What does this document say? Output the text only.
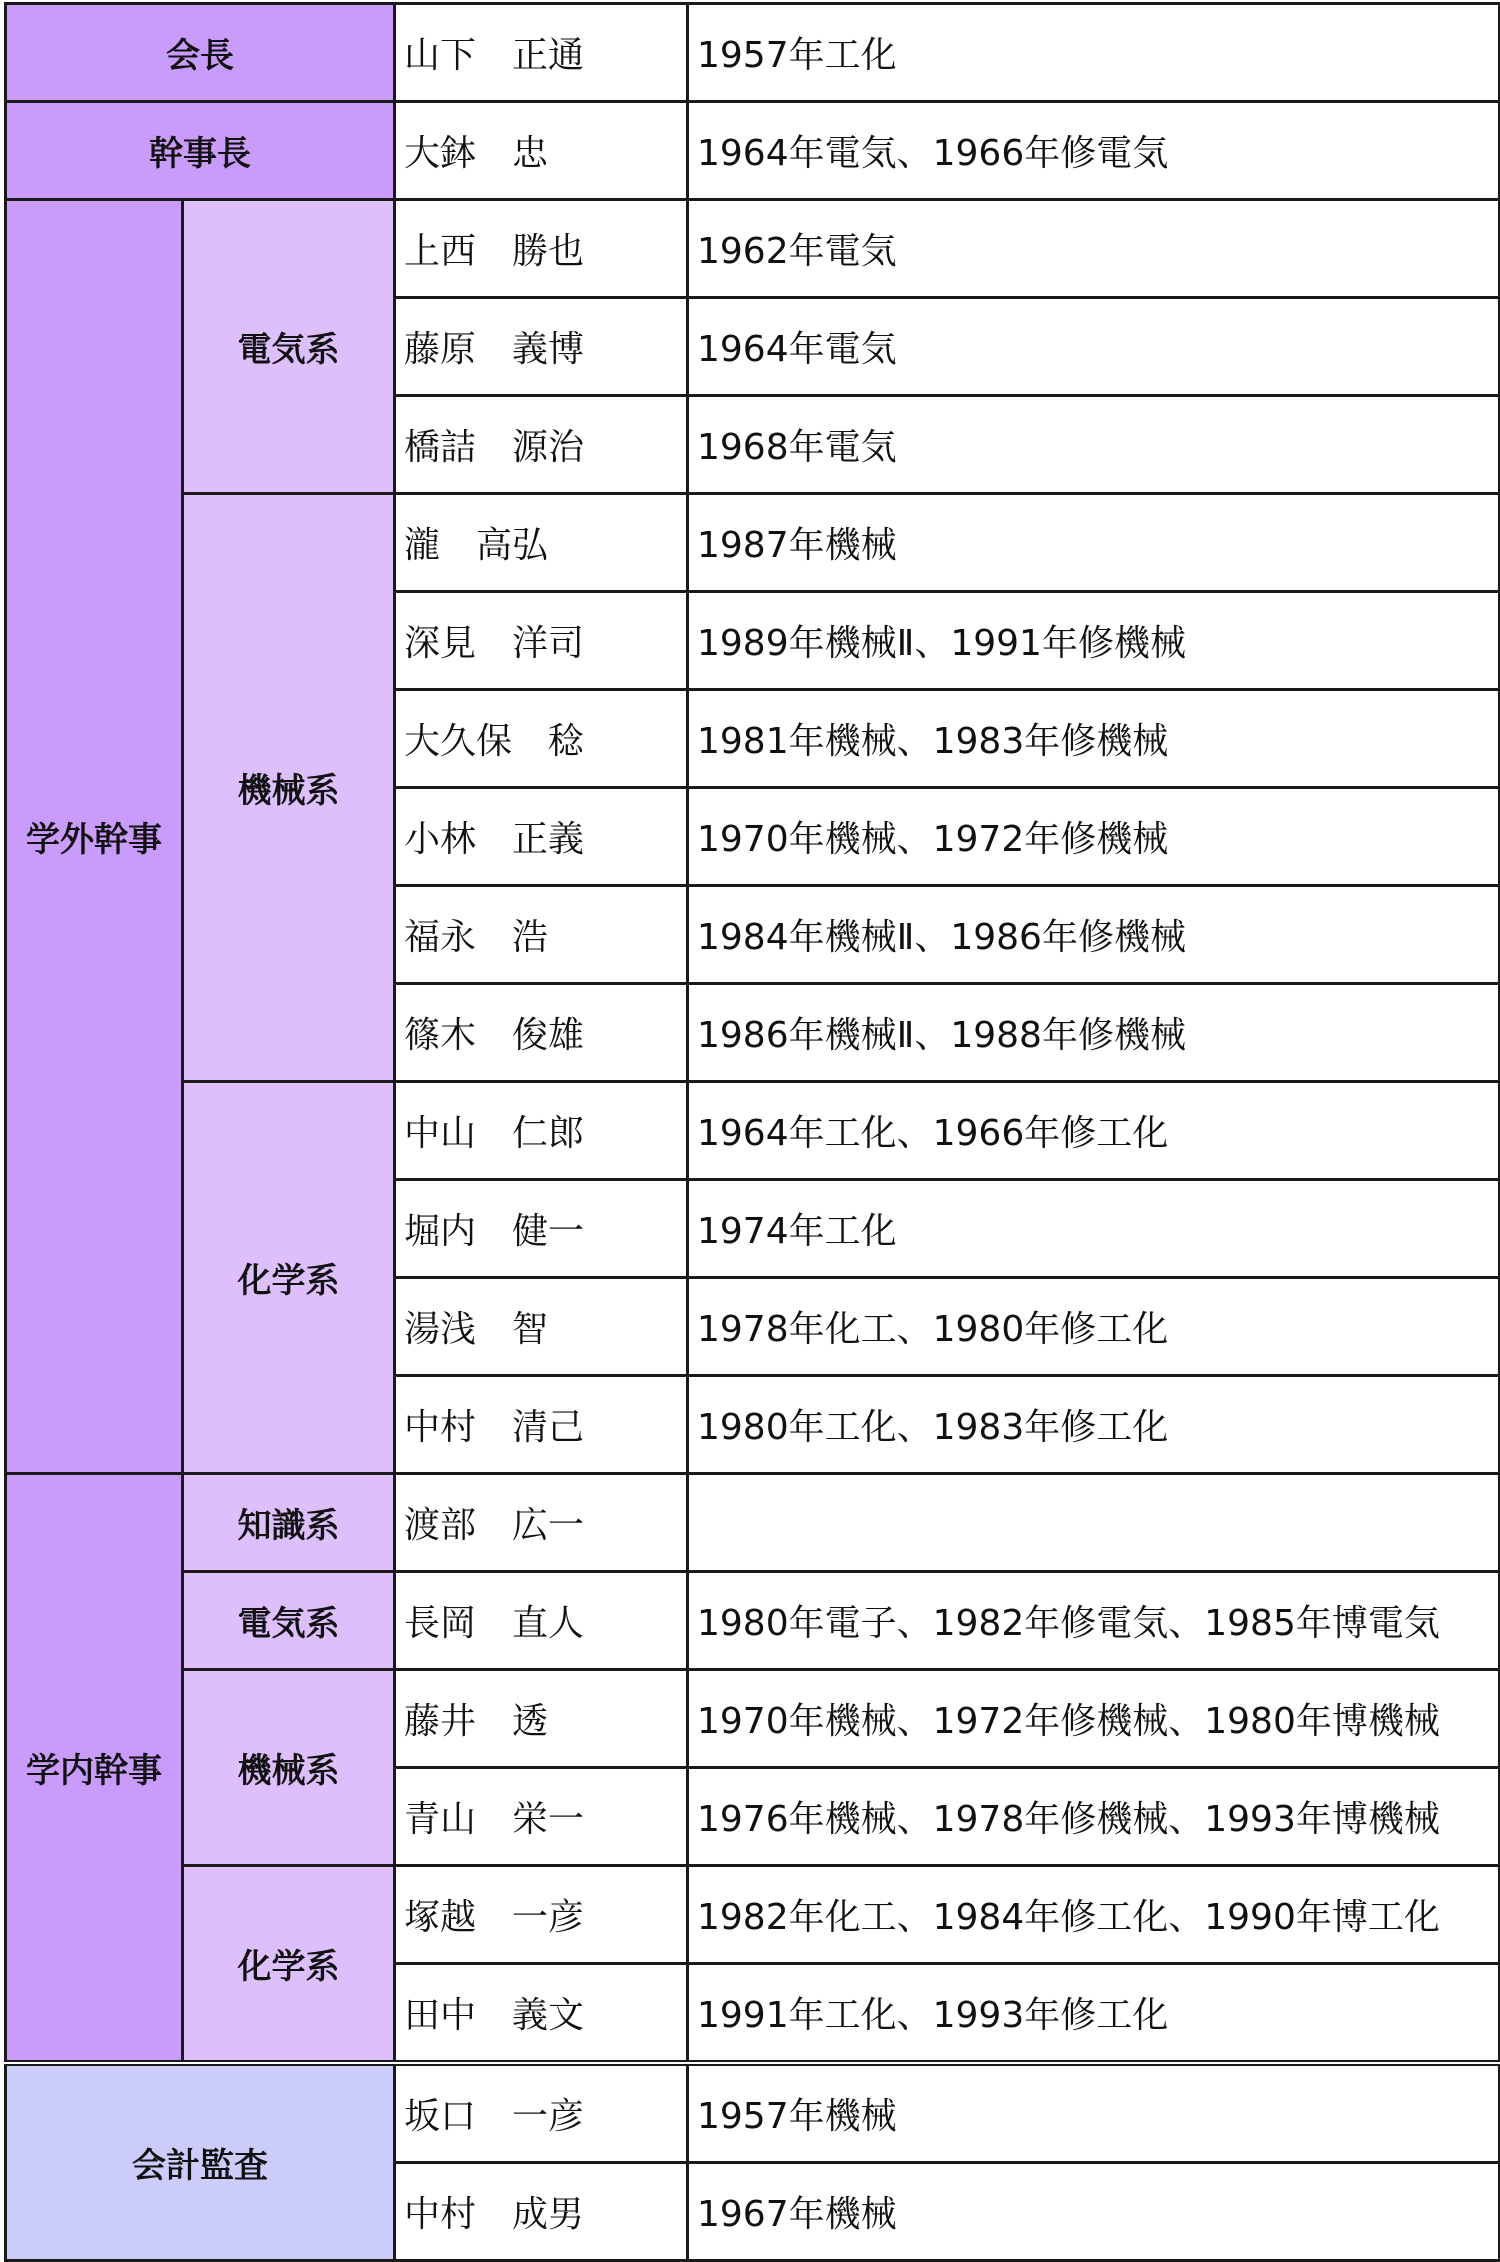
会長		山下 正通	1957年工化
幹事長		大鉢 忠	1964年電気、1966年修電気
学外幹事	電気系	上西 勝也	1962年電気
		藤原 義博	1964年電気
		橋詰 源治	1968年電気
	機械系	瀧 高弘	1987年機械
		深見 洋司	1989年機械Ⅱ、1991年修機械
		大久保 稔	1981年機械、1983年修機械
		小林 正義	1970年機械、1972年修機械
		福永 浩	1984年機械Ⅱ、1986年修機械
		篠木 俊雄	1986年機械Ⅱ、1988年修機械
	化学系	中山 仁郎	1964年工化、1966年修工化
		堀内 健一	1974年工化
		湯浅 智	1978年化工、1980年修工化
		中村 清己	1980年工化、1983年修工化
学内幹事	知識系	渡部 広一	
	電気系	長岡 直人	1980年電子、1982年修電気、1985年博電気
	機械系	藤井 透	1970年機械、1972年修機械、1980年博機械
		青山 栄一	1976年機械、1978年修機械、1993年博機械
	化学系	塚越 一彦	1982年化工、1984年修工化、1990年博工化
		田中 義文	1991年工化、1993年修工化
会計監査		坂口 一彦	1957年機械
		中村 成男	1967年機械
